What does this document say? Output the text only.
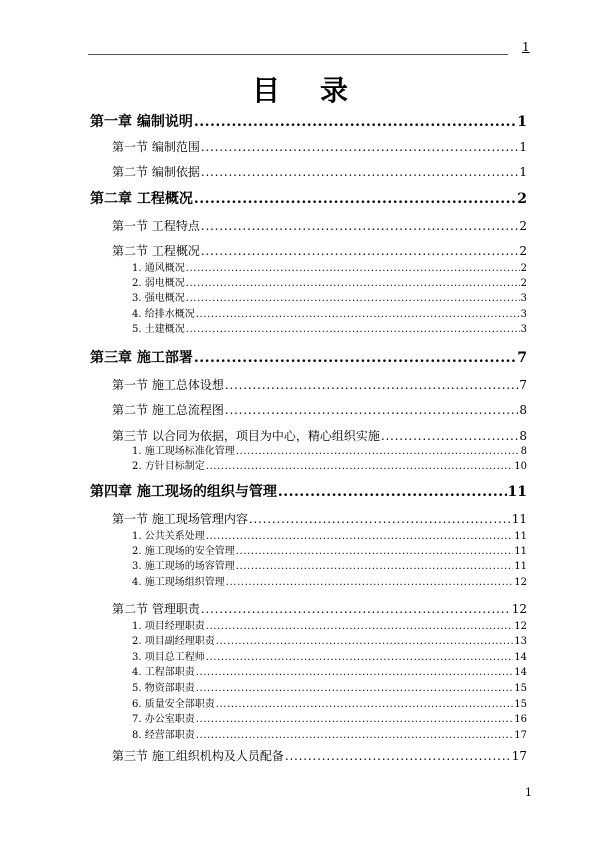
1
目录
第一章 编制说明 .....	1
第一节 编制范围 .....	1
第二节 编制依据 .....	1
第二章 工程概况 .....	2
第一节 工程特点 .....	2
第二节 工程概况 .....	2
1. 通风概况 .....	2
2. 弱电概况 .....	2
3. 强电概况 .....	3
4. 给排水概况 .....	3
5. 土建概况 .....	3
第三章 施工部署 .....	7
第一节 施工总体设想 .....	7
第二节 施工总流程图 .....	8
第三节 以合同为依据，项目为中心，精心组织实施 .....	8
1. 施工现场标准化管理 .....	8
2. 方针目标制定 .....	10
第四章 施工现场的组织与管理 .....	11
第一节 施工现场管理内容 .....	11
1. 公共关系处理 .....	11
2. 施工现场的安全管理 .....	11
3. 施工现场的场容管理 .....	11
4. 施工现场组织管理 .....	12
第二节 管理职责 .....	12
1. 项目经理职责 .....	12
2. 项目副经理职责 .....	13
3. 项目总工程师 .....	14
4. 工程部职责 .....	14
5. 物资部职责 .....	15
6. 质量安全部职责 .....	15
7. 办公室职责 .....	16
8. 经营部职责 .....	17
第三节 施工组织机构及人员配备 .....	17
1
